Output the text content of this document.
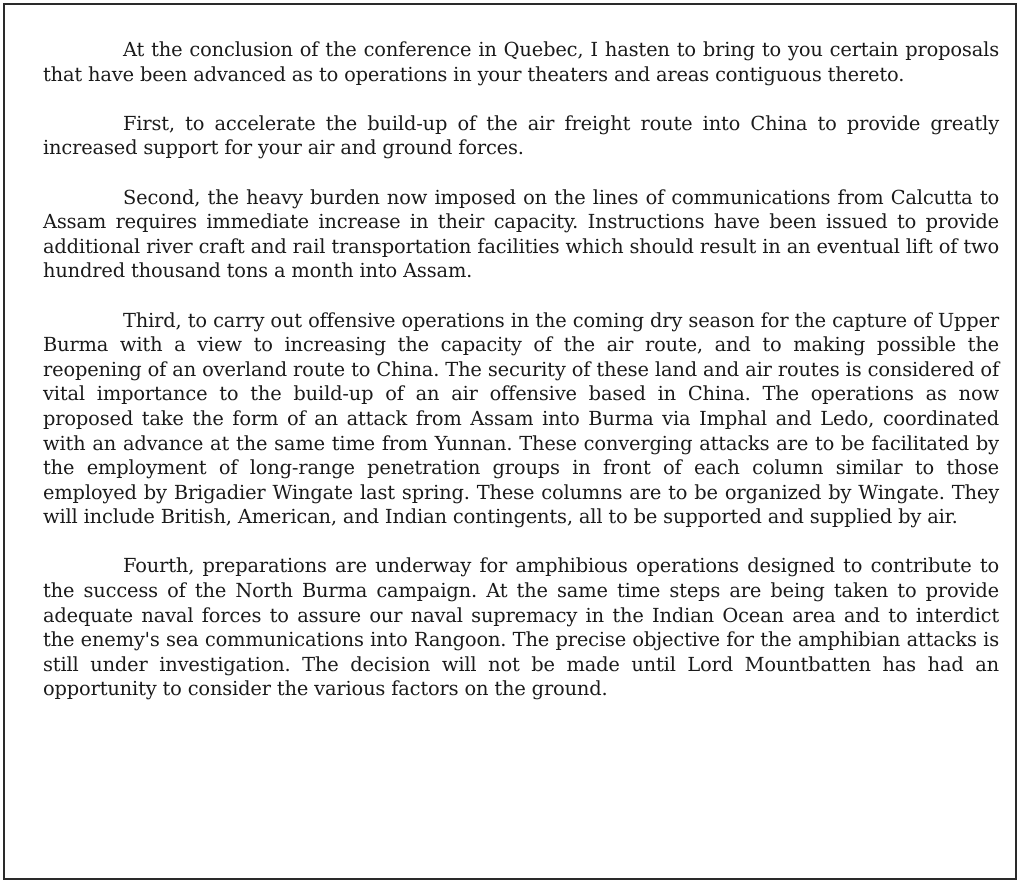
At the conclusion of the conference in Quebec, I hasten to bring to you certain proposals that have been advanced as to operations in your theaters and areas contiguous thereto.

First, to accelerate the build-up of the air freight route into China to provide greatly increased support for your air and ground forces.

Second, the heavy burden now imposed on the lines of communications from Calcutta to Assam requires immediate increase in their capacity. Instructions have been issued to provide additional river craft and rail transportation facilities which should result in an eventual lift of two hundred thousand tons a month into Assam.

Third, to carry out offensive operations in the coming dry season for the capture of Upper Burma with a view to increasing the capacity of the air route, and to making possible the reopening of an overland route to China. The security of these land and air routes is considered of vital importance to the build-up of an air offensive based in China. The operations as now proposed take the form of an attack from Assam into Burma via Imphal and Ledo, coordinated with an advance at the same time from Yunnan. These converging attacks are to be facilitated by the employment of long-range penetration groups in front of each column similar to those employed by Brigadier Wingate last spring. These columns are to be organized by Wingate. They will include British, American, and Indian contingents, all to be supported and supplied by air.

Fourth, preparations are underway for amphibious operations designed to contribute to the success of the North Burma campaign. At the same time steps are being taken to provide adequate naval forces to assure our naval supremacy in the Indian Ocean area and to interdict the enemy's sea communications into Rangoon. The precise objective for the amphibian attacks is still under investigation. The decision will not be made until Lord Mountbatten has had an opportunity to consider the various factors on the ground.
